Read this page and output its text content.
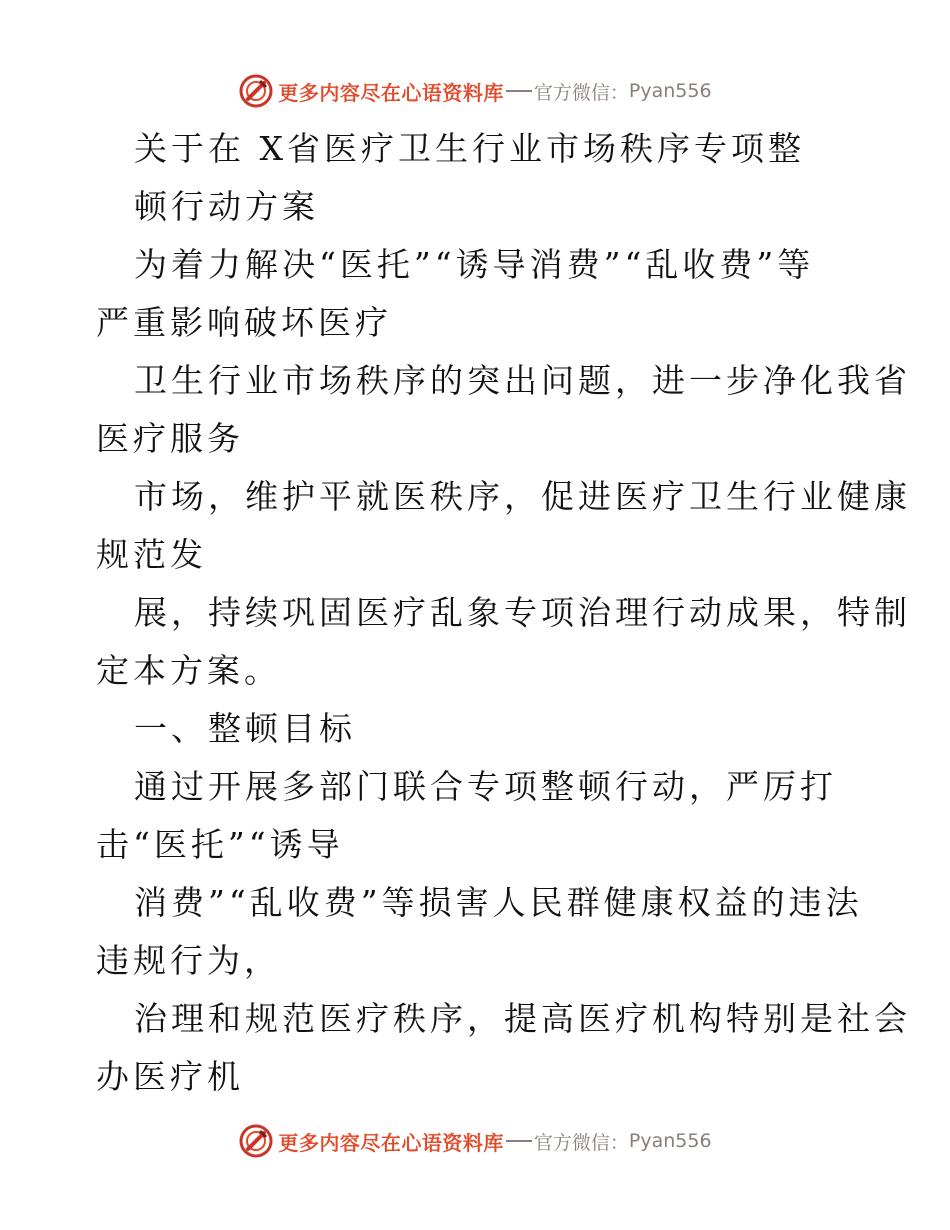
更多内容尽在心语资料库 官方微信： Pyan556
关于在 X省医疗卫生行业市场秩序专项整
顿行动方案
为着力解决“医托”“诱导消费”“乱收费”等
严重影响破坏医疗
卫生行业市场秩序的突出问题，进一步净化我省
医疗服务
市场，维护平就医秩序，促进医疗卫生行业健康
规范发
展，持续巩固医疗乱象专项治理行动成果，特制
定本方案。
一、整顿目标
通过开展多部门联合专项整顿行动，严厉打
击“医托”“诱导
消费”“乱收费”等损害人民群健康权益的违法
违规行为，
治理和规范医疗秩序，提高医疗机构特别是社会
办医疗机
更多内容尽在心语资料库 官方微信： Pyan556
